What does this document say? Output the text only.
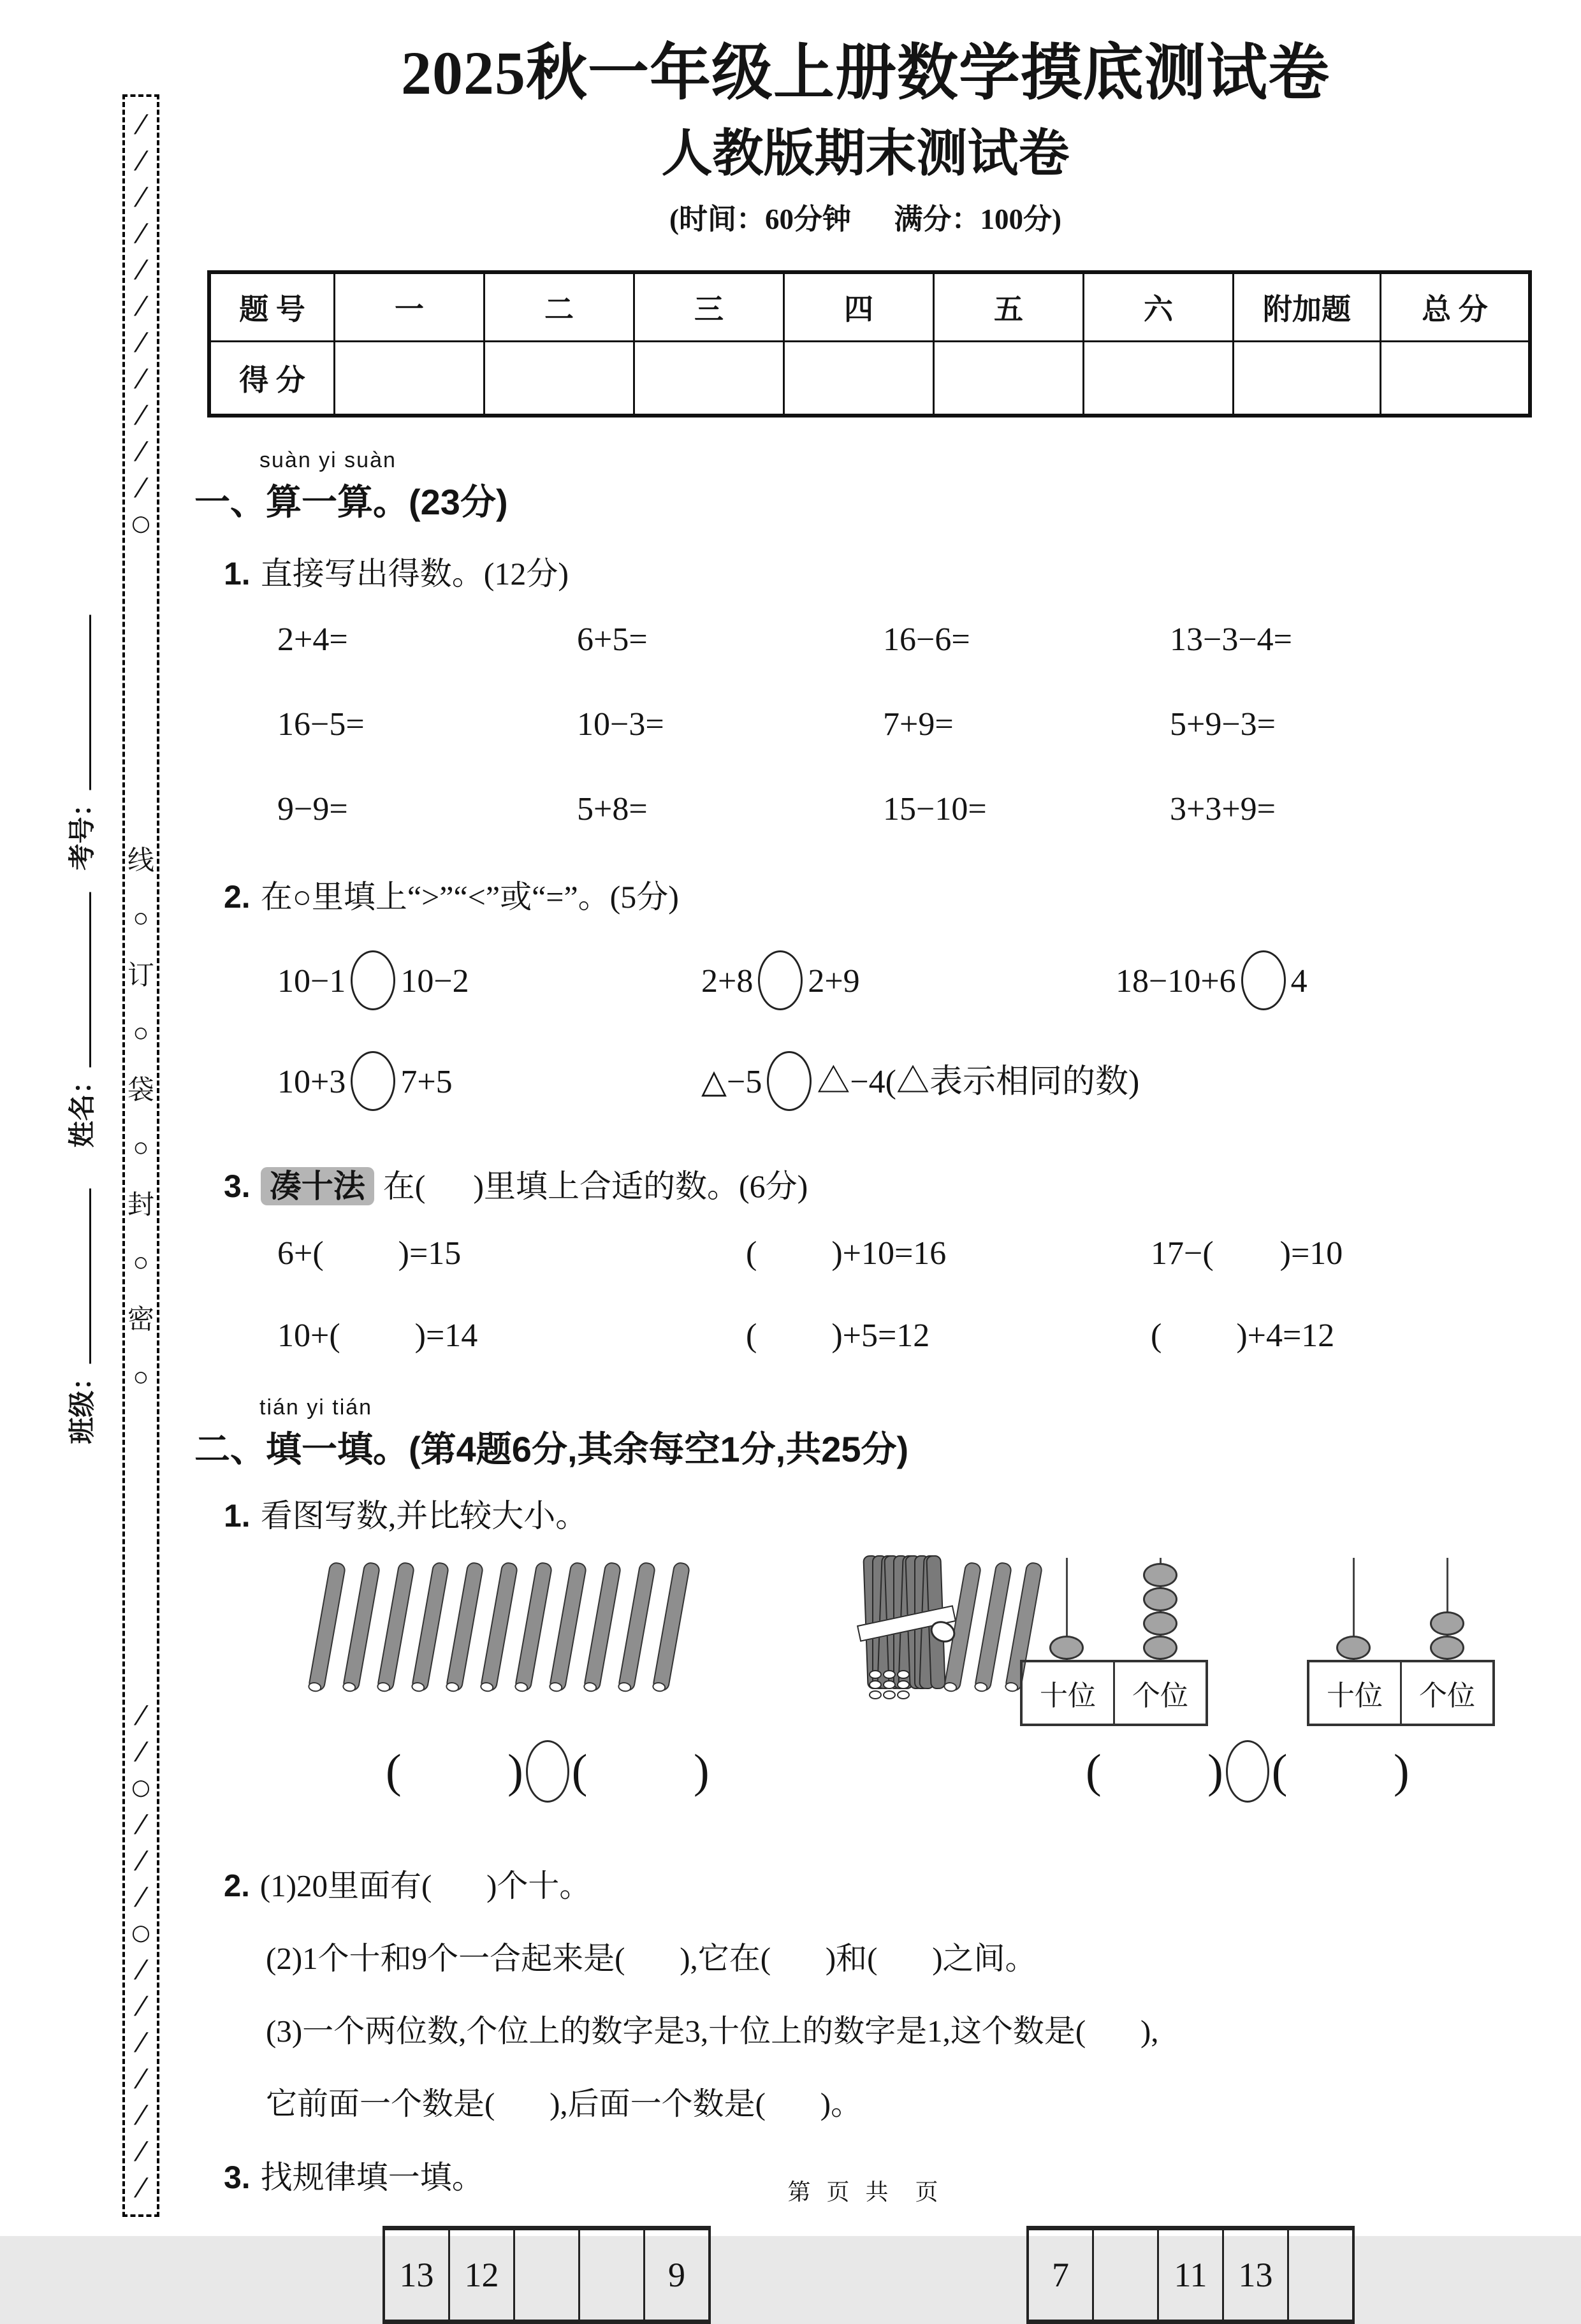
/
/
/
/
/
/
/
/
/
/
/
○
线
○
订
○
袋
○
封
○
密
○
/
/
○
/
/
/
○
/
/
/
/
/
/
/
考号：
姓名：
班级：
2025秋一年级上册数学摸底测试卷
人教版期末测试卷
(时间：60分钟      满分：100分)
题 号	一	二	三	四	五	六	附加题	总 分
得 分								
suàn yi suàn
一、算一算。(23分)
1. 直接写出得数。(12分)
2+4=	6+5=	16−6=	13−3−4=
16−5=	10−3=	7+9=	5+9−3=
9−9=	5+8=	15−10=	3+3+9=
2. 在○里填上“>”“<”或“=”。(5分)
10−1 10−2	2+8 2+9	18−10+6 4
10+3 7+5	△−5 △−4(△表示相同的数)
3. 凑十法 在(      )里填上合适的数。(6分)
6+(         )=15	(         )+10=16	17−(        )=10
10+(         )=14	(         )+5=12	(         )+4=12
tián yi tián
二、填一填。(第4题6分,其余每空1分,共25分)
1. 看图写数,并比较大小。
十位	个位	十位	个位
(         ) (         )	(         ) (         )
2. (1)20里面有(       )个十。
(2)1个十和9个一合起来是(       ),它在(       )和(       )之间。
(3)一个两位数,个位上的数字是3,十位上的数字是1,这个数是(       ),
它前面一个数是(       ),后面一个数是(       )。
3. 找规律填一填。
13	12			9	7		11	13	
第 页 共  页
